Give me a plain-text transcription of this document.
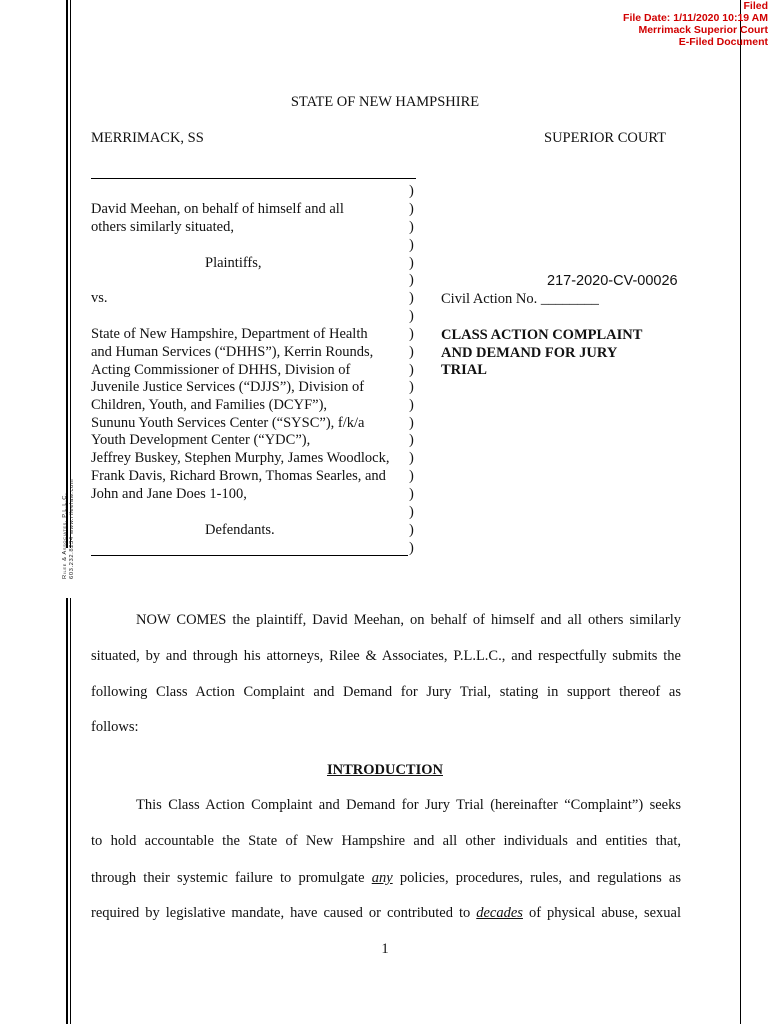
Rilee & Associates, P.L.L.C. 603.232.8234 www.rileelaw.com
Filed
File Date: 1/11/2020 10:19 AM
Merrimack Superior Court
E-Filed Document
STATE OF NEW HAMPSHIRE
MERRIMACK, SS	SUPERIOR COURT
David Meehan, on behalf of himself and all
others similarly situated,
Plaintiffs,
vs.
State of New Hampshire, Department of Health
and Human Services (“DHHS”), Kerrin Rounds,
Acting Commissioner of DHHS, Division of
Juvenile Justice Services (“DJJS”), Division of
Children, Youth, and Families (DCYF”),
Sununu Youth Services Center (“SYSC”), f/k/a
Youth Development Center (“YDC”),
Jeffrey Buskey, Stephen Murphy, James Woodlock,
Frank Davis, Richard Brown, Thomas Searles, and
John and Jane Does 1-100,
Defendants.
)
)
)
)
)
)
)
)
)
)
)
)
)
)
)
)
)
)
)
)
)
217-2020-CV-00026
Civil Action No. ________
CLASS ACTION COMPLAINT
AND DEMAND FOR JURY
TRIAL
NOW COMES the plaintiff, David Meehan, on behalf of himself and all others similarly
situated, by and through his attorneys, Rilee & Associates, P.L.L.C., and respectfully submits the
following Class Action Complaint and Demand for Jury Trial, stating in support thereof as
follows:
INTRODUCTION
This Class Action Complaint and Demand for Jury Trial (hereinafter “Complaint”) seeks
to hold accountable the State of New Hampshire and all other individuals and entities that,
through their systemic failure to promulgate any policies, procedures, rules, and regulations as
required by legislative mandate, have caused or contributed to decades of physical abuse, sexual
1
